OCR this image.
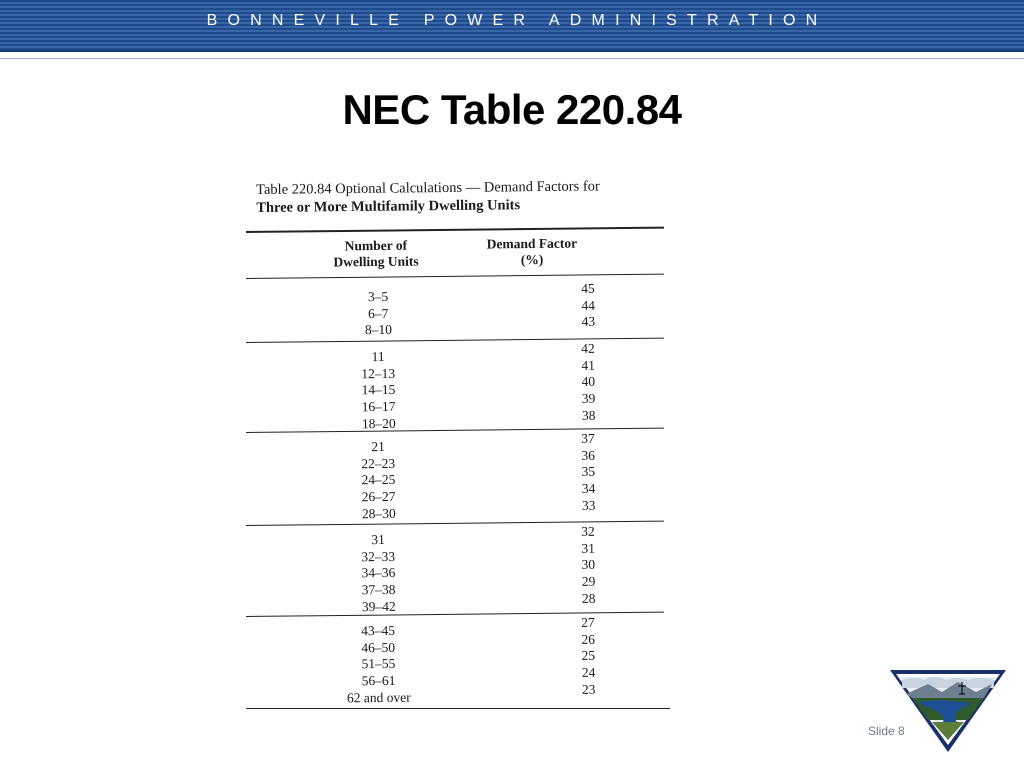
BONNEVILLE POWER ADMINISTRATION
NEC Table 220.84
Table 220.84 Optional Calculations — Demand Factors for
Three or More Multifamily Dwelling Units
Number of
Dwelling Units
Demand Factor
(%)
3–5
45
6–7
44
8–10
43
11
42
12–13
41
14–15
40
16–17
39
18–20
38
21
37
22–23
36
24–25
35
26–27
34
28–30
33
31
32
32–33
31
34–36
30
37–38
29
39–42
28
43–45
27
46–50
26
51–55
25
56–61
24
62 and over
23
Slide 8
